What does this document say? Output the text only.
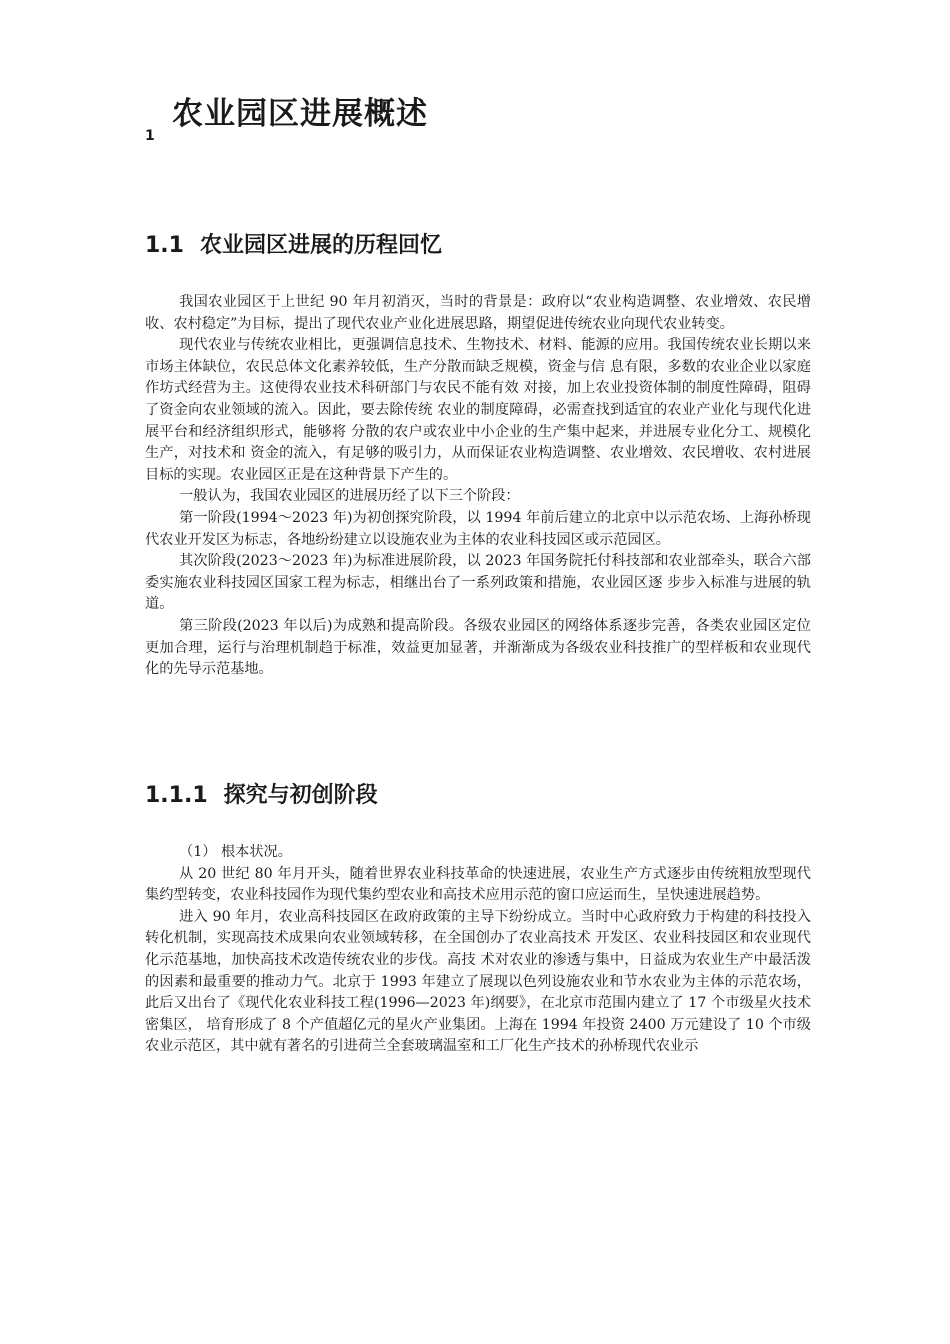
1
农业园区进展概述
1.1 农业园区进展的历程回忆

我国农业园区于上世纪 90 年月初消灭，当时的背景是：政府以“农业构造调整、农业增效、农民增收、农村稳定”为目标，提出了现代农业产业化进展思路，期望促进传统农业向现代农业转变。

现代农业与传统农业相比，更强调信息技术、生物技术、材料、能源的应用。我国传统农业长期以来市场主体缺位，农民总体文化素养较低，生产分散而缺乏规模，资金与信 息有限，多数的农业企业以家庭作坊式经营为主。这使得农业技术科研部门与农民不能有效 对接，加上农业投资体制的制度性障碍，阻碍了资金向农业领域的流入。因此，要去除传统 农业的制度障碍，必需查找到适宜的农业产业化与现代化进展平台和经济组织形式，能够将 分散的农户或农业中小企业的生产集中起来，并进展专业化分工、规模化生产，对技术和 资金的流入，有足够的吸引力，从而保证农业构造调整、农业增效、农民增收、农村进展目标的实现。农业园区正是在这种背景下产生的。

一般认为，我国农业园区的进展历经了以下三个阶段：

第一阶段(1994～2023 年)为初创探究阶段，以 1994 年前后建立的北京中以示范农场、上海孙桥现代农业开发区为标志，各地纷纷建立以设施农业为主体的农业科技园区或示范园区。

其次阶段(2023～2023 年)为标准进展阶段，以 2023 年国务院托付科技部和农业部牵头，联合六部委实施农业科技园区国家工程为标志，相继出台了一系列政策和措施，农业园区逐 步步入标准与进展的轨道。

第三阶段(2023 年以后)为成熟和提高阶段。各级农业园区的网络体系逐步完善，各类农业园区定位更加合理，运行与治理机制趋于标准，效益更加显著，并渐渐成为各级农业科技推广的型样板和农业现代化的先导示范基地。

1.1.1 探究与初创阶段

（1） 根本状况。

从 20 世纪 80 年月开头，随着世界农业科技革命的快速进展，农业生产方式逐步由传统粗放型现代集约型转变，农业科技园作为现代集约型农业和高技术应用示范的窗口应运而生，呈快速进展趋势。

进入 90 年月，农业高科技园区在政府政策的主导下纷纷成立。当时中心政府致力于构建的科技投入转化机制，实现高技术成果向农业领域转移，在全国创办了农业高技术 开发区、农业科技园区和农业现代化示范基地，加快高技术改造传统农业的步伐。高技 术对农业的渗透与集中，日益成为农业生产中最活泼的因素和最重要的推动力气。北京于 1993 年建立了展现以色列设施农业和节水农业为主体的示范农场，此后又出台了《现代化农业科技工程(1996—2023 年)纲要》，在北京市范围内建立了 17 个市级星火技术密集区， 培育形成了 8 个产值超亿元的星火产业集团。上海在 1994 年投资 2400 万元建设了 10 个市级农业示范区，其中就有著名的引进荷兰全套玻璃温室和工厂化生产技术的孙桥现代农业示
